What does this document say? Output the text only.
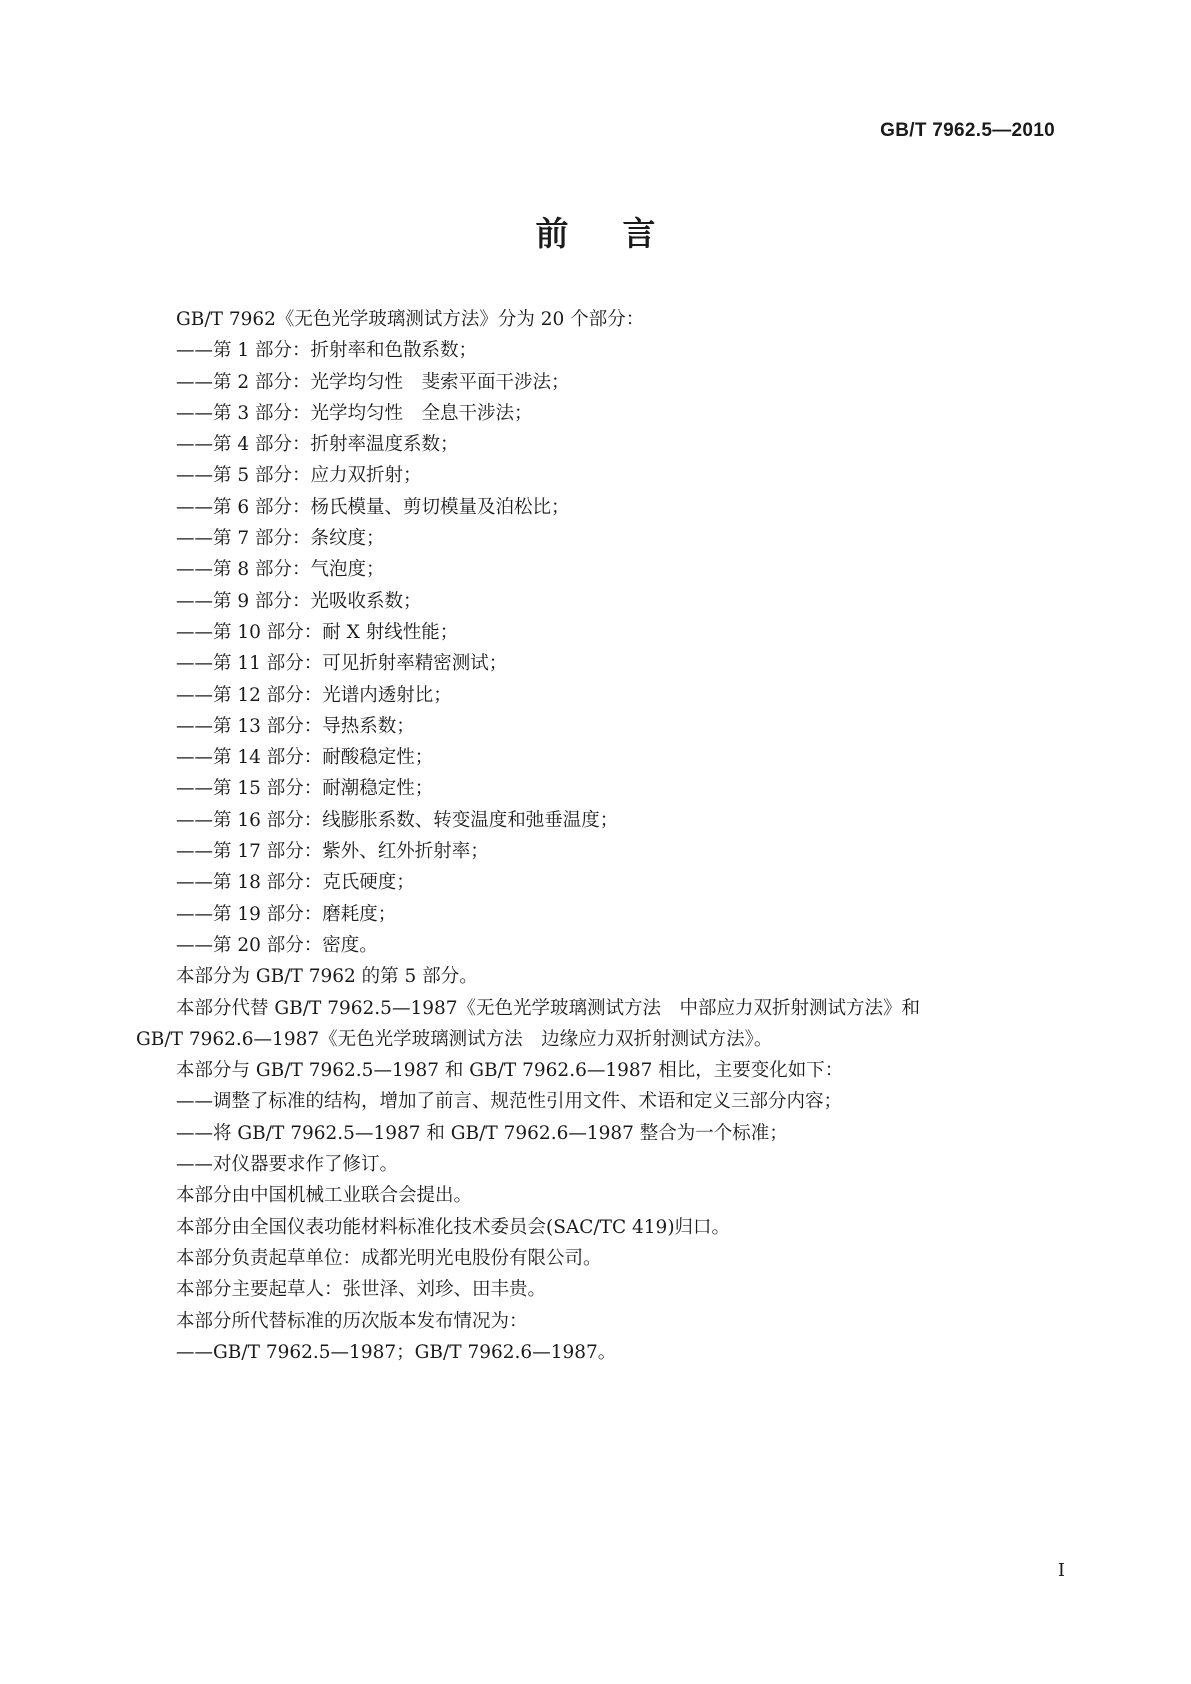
GB/T 7962.5—2010

前言

GB/T 7962《无色光学玻璃测试方法》分为 20 个部分：

——第 1 部分：折射率和色散系数；

——第 2 部分：光学均匀性　斐索平面干涉法；

——第 3 部分：光学均匀性　全息干涉法；

——第 4 部分：折射率温度系数；

——第 5 部分：应力双折射；

——第 6 部分：杨氏模量、剪切模量及泊松比；

——第 7 部分：条纹度；

——第 8 部分：气泡度；

——第 9 部分：光吸收系数；

——第 10 部分：耐 X 射线性能；

——第 11 部分：可见折射率精密测试；

——第 12 部分：光谱内透射比；

——第 13 部分：导热系数；

——第 14 部分：耐酸稳定性；

——第 15 部分：耐潮稳定性；

——第 16 部分：线膨胀系数、转变温度和弛垂温度；

——第 17 部分：紫外、红外折射率；

——第 18 部分：克氏硬度；

——第 19 部分：磨耗度；

——第 20 部分：密度。

本部分为 GB/T 7962 的第 5 部分。

本部分代替 GB/T 7962.5—1987《无色光学玻璃测试方法　中部应力双折射测试方法》和

GB/T 7962.6—1987《无色光学玻璃测试方法　边缘应力双折射测试方法》。

本部分与 GB/T 7962.5—1987 和 GB/T 7962.6—1987 相比，主要变化如下：

——调整了标准的结构，增加了前言、规范性引用文件、术语和定义三部分内容；

——将 GB/T 7962.5—1987 和 GB/T 7962.6—1987 整合为一个标准；

——对仪器要求作了修订。

本部分由中国机械工业联合会提出。

本部分由全国仪表功能材料标准化技术委员会(SAC/TC 419)归口。

本部分负责起草单位：成都光明光电股份有限公司。

本部分主要起草人：张世泽、刘珍、田丰贵。

本部分所代替标准的历次版本发布情况为：

——GB/T 7962.5—1987；GB/T 7962.6—1987。

I
